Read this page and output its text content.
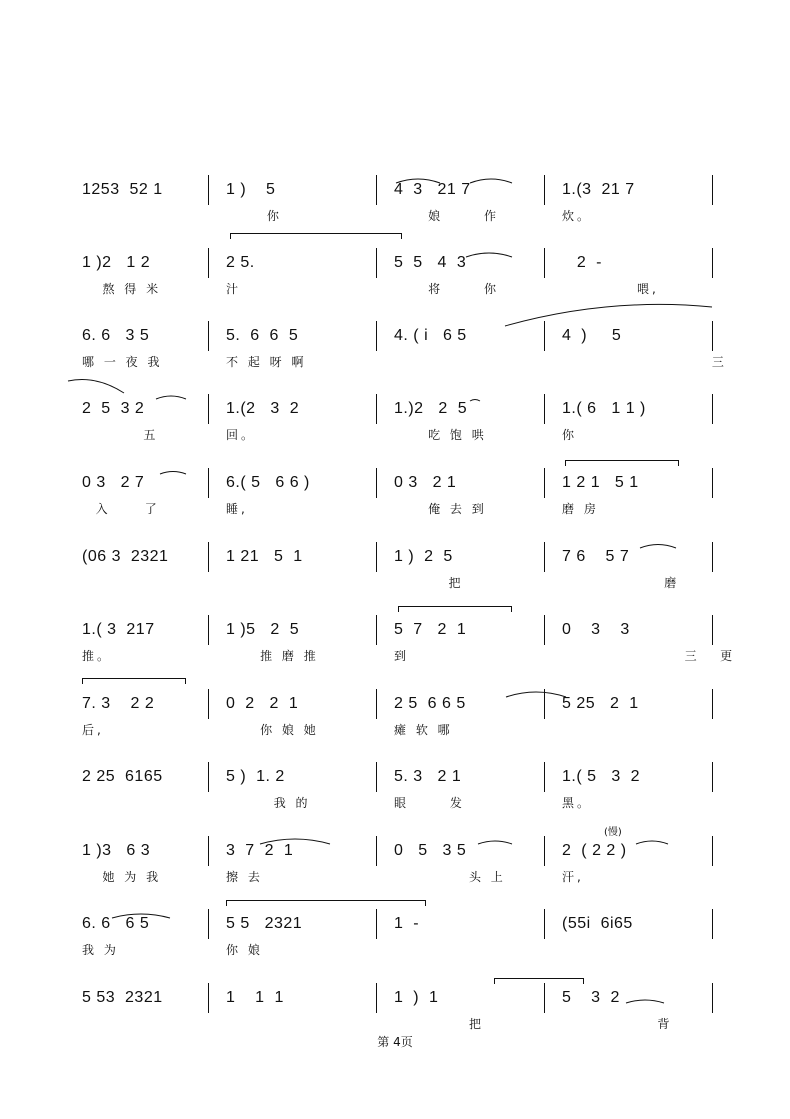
1253  52 1	1 )    5
你
4  3   21 7
娘      作
1.(3  21 7
炊。
1 )2   1 2
熬 得 米
2 5.
汁
5  5   4  3
将      你
2  -
喂,
6. 6   3 5
哪 一 夜 我
5.  6  6  5
不 起 呀 啊
4. ( i   6 5	4  )     5
三
2  5  3 2
五
1.(2   3  2
回。
1.)2   2  5
吃 饱 哄
1.( 6   1 1 )
你
0 3   2 7
入     了
6.( 5   6 6 )
睡,
0 3   2 1
俺 去 到
1 2 1   5 1
磨 房
(06 3  2321	1 21   5  1	1 )  2  5
把
7 6    5 7
磨
1.( 3  217
推。
1 )5   2  5
推 磨 推
5  7   2  1
到
0    3    3
三   更
7. 3    2 2
后,
0  2   2  1
你 娘 她
2 5  6 6 5
瘫 软 哪
5 25   2  1
2 25  6165	5 )  1. 2
我 的
5. 3   2 1
眼      发
1.( 5   3  2
黑。
1 )3   6 3
她 为 我
3  7  2  1
擦 去
0   5   3 5
头 上
2  ( 2 2 )
汗,
6. 6   6 5
我 为
5 5   2321
你 娘
1  -	(55i  6i65
5 53  2321	1    1  1	1  )  1
把
5    3  2
背
(慢)
第 4页
